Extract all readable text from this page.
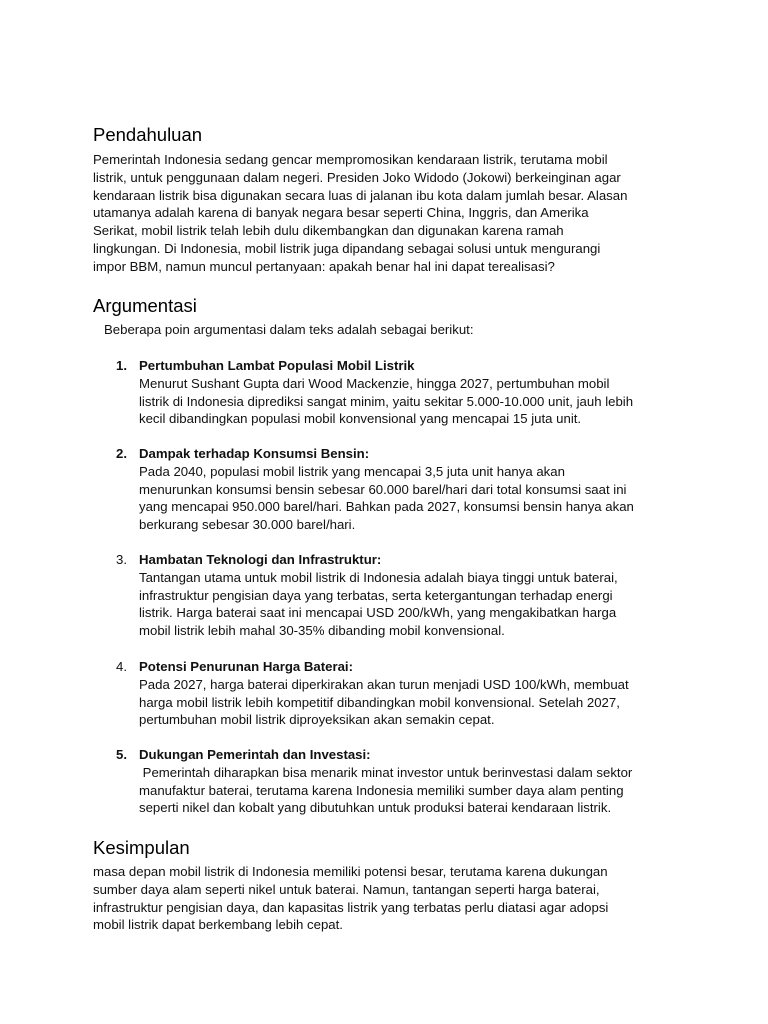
Pendahuluan
Pemerintah Indonesia sedang gencar mempromosikan kendaraan listrik, terutama mobil
listrik, untuk penggunaan dalam negeri. Presiden Joko Widodo (Jokowi) berkeinginan agar
kendaraan listrik bisa digunakan secara luas di jalanan ibu kota dalam jumlah besar. Alasan
utamanya adalah karena di banyak negara besar seperti China, Inggris, dan Amerika
Serikat, mobil listrik telah lebih dulu dikembangkan dan digunakan karena ramah
lingkungan. Di Indonesia, mobil listrik juga dipandang sebagai solusi untuk mengurangi
impor BBM, namun muncul pertanyaan: apakah benar hal ini dapat terealisasi?
Argumentasi
Beberapa poin argumentasi dalam teks adalah sebagai berikut:
1. Pertumbuhan Lambat Populasi Mobil Listrik
Menurut Sushant Gupta dari Wood Mackenzie, hingga 2027, pertumbuhan mobil
listrik di Indonesia diprediksi sangat minim, yaitu sekitar 5.000-10.000 unit, jauh lebih
kecil dibandingkan populasi mobil konvensional yang mencapai 15 juta unit.
2. Dampak terhadap Konsumsi Bensin:
Pada 2040, populasi mobil listrik yang mencapai 3,5 juta unit hanya akan
menurunkan konsumsi bensin sebesar 60.000 barel/hari dari total konsumsi saat ini
yang mencapai 950.000 barel/hari. Bahkan pada 2027, konsumsi bensin hanya akan
berkurang sebesar 30.000 barel/hari.
3. Hambatan Teknologi dan Infrastruktur:
Tantangan utama untuk mobil listrik di Indonesia adalah biaya tinggi untuk baterai,
infrastruktur pengisian daya yang terbatas, serta ketergantungan terhadap energi
listrik. Harga baterai saat ini mencapai USD 200/kWh, yang mengakibatkan harga
mobil listrik lebih mahal 30-35% dibanding mobil konvensional.
4. Potensi Penurunan Harga Baterai:
Pada 2027, harga baterai diperkirakan akan turun menjadi USD 100/kWh, membuat
harga mobil listrik lebih kompetitif dibandingkan mobil konvensional. Setelah 2027,
pertumbuhan mobil listrik diproyeksikan akan semakin cepat.
5. Dukungan Pemerintah dan Investasi:
Pemerintah diharapkan bisa menarik minat investor untuk berinvestasi dalam sektor
manufaktur baterai, terutama karena Indonesia memiliki sumber daya alam penting
seperti nikel dan kobalt yang dibutuhkan untuk produksi baterai kendaraan listrik.
Kesimpulan
masa depan mobil listrik di Indonesia memiliki potensi besar, terutama karena dukungan
sumber daya alam seperti nikel untuk baterai. Namun, tantangan seperti harga baterai,
infrastruktur pengisian daya, dan kapasitas listrik yang terbatas perlu diatasi agar adopsi
mobil listrik dapat berkembang lebih cepat.
